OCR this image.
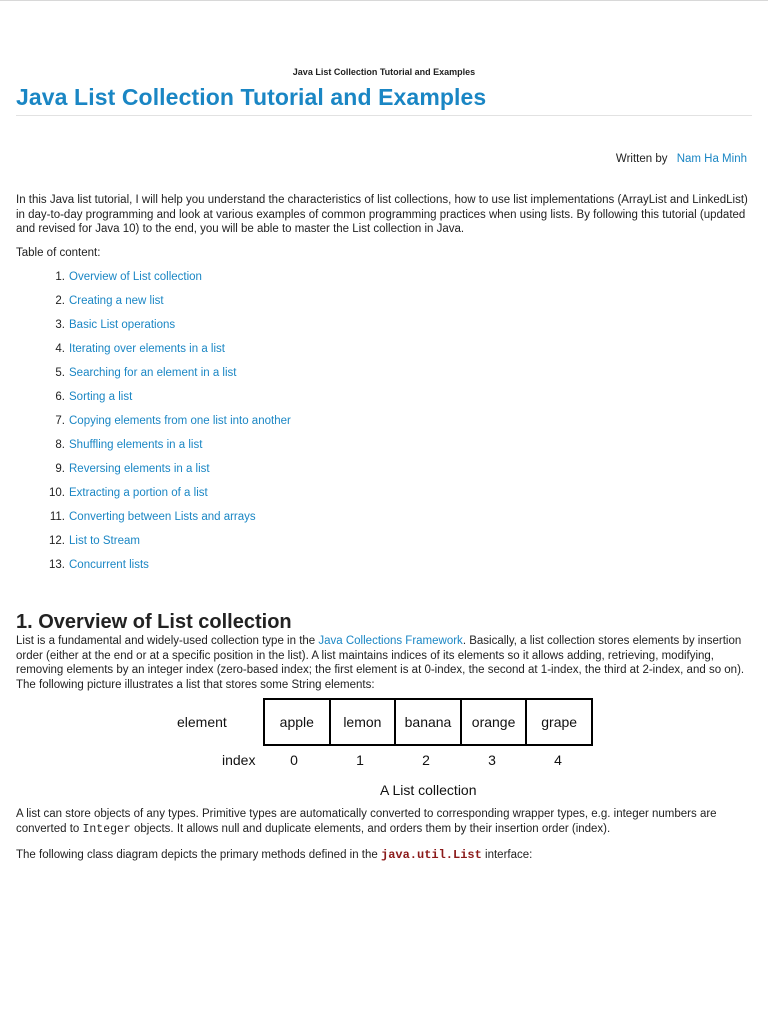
Java List Collection Tutorial and Examples
Java List Collection Tutorial and Examples
Written by Nam Ha Minh

In this Java list tutorial, I will help you understand the characteristics of list collections, how to use list implementations (ArrayList and LinkedList) in day-to-day programming and look at various examples of common programming practices when using lists. By following this tutorial (updated and revised for Java 10) to the end, you will be able to master the List collection in Java.

Table of content:

1. Overview of List collection
2. Creating a new list
3. Basic List operations
4. Iterating over elements in a list
5. Searching for an element in a list
6. Sorting a list
7. Copying elements from one list into another
8. Shuffling elements in a list
9. Reversing elements in a list
10. Extracting a portion of a list
11. Converting between Lists and arrays
12. List to Stream
13. Concurrent lists
1. Overview of List collection

List is a fundamental and widely-used collection type in the Java Collections Framework. Basically, a list collection stores elements by insertion order (either at the end or at a specific position in the list). A list maintains indices of its elements so it allows adding, retrieving, modifying, removing elements by an integer index (zero-based index; the first element is at 0-index, the second at 1-index, the third at 2-index, and so on). The following picture illustrates a list that stores some String elements:

element	apple	lemon	banana	orange	grape
index	0	1	2	3	4
A List collection

A list can store objects of any types. Primitive types are automatically converted to corresponding wrapper types, e.g. integer numbers are converted to Integer objects. It allows null and duplicate elements, and orders them by their insertion order (index).

The following class diagram depicts the primary methods defined in the java.util.List interface:
